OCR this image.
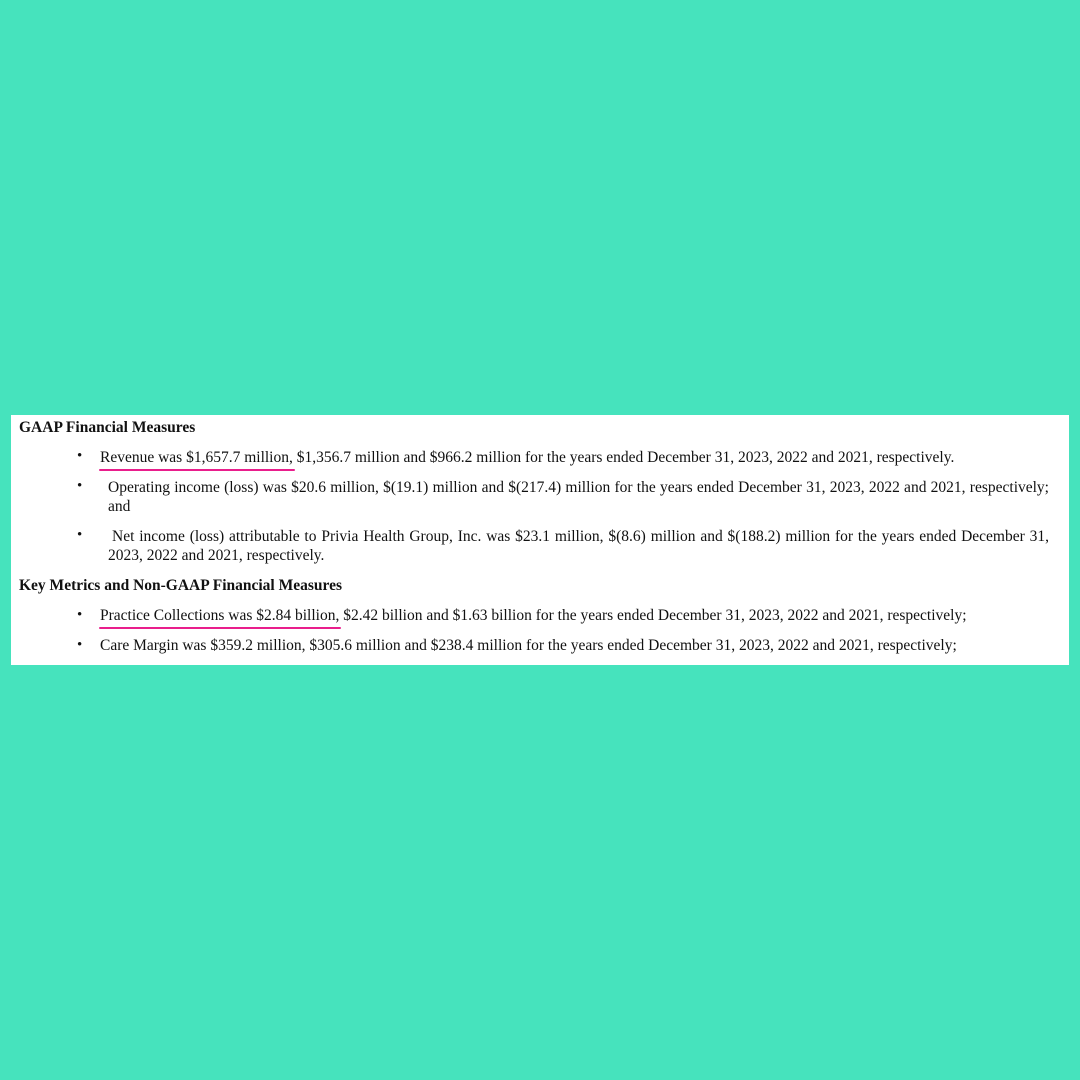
GAAP Financial Measures
• Revenue was $1,657.7 million, $1,356.7 million and $966.2 million for the years ended December 31, 2023, 2022 and 2021, respectively.
• Operating income (loss) was $20.6 million, $(19.1) million and $(217.4) million for the years ended December 31, 2023, 2022 and 2021, respectively; and
• Net income (loss) attributable to Privia Health Group, Inc. was $23.1 million, $(8.6) million and $(188.2) million for the years ended December 31, 2023, 2022 and 2021, respectively.
Key Metrics and Non-GAAP Financial Measures
• Practice Collections was $2.84 billion, $2.42 billion and $1.63 billion for the years ended December 31, 2023, 2022 and 2021, respectively;
• Care Margin was $359.2 million, $305.6 million and $238.4 million for the years ended December 31, 2023, 2022 and 2021, respectively;
